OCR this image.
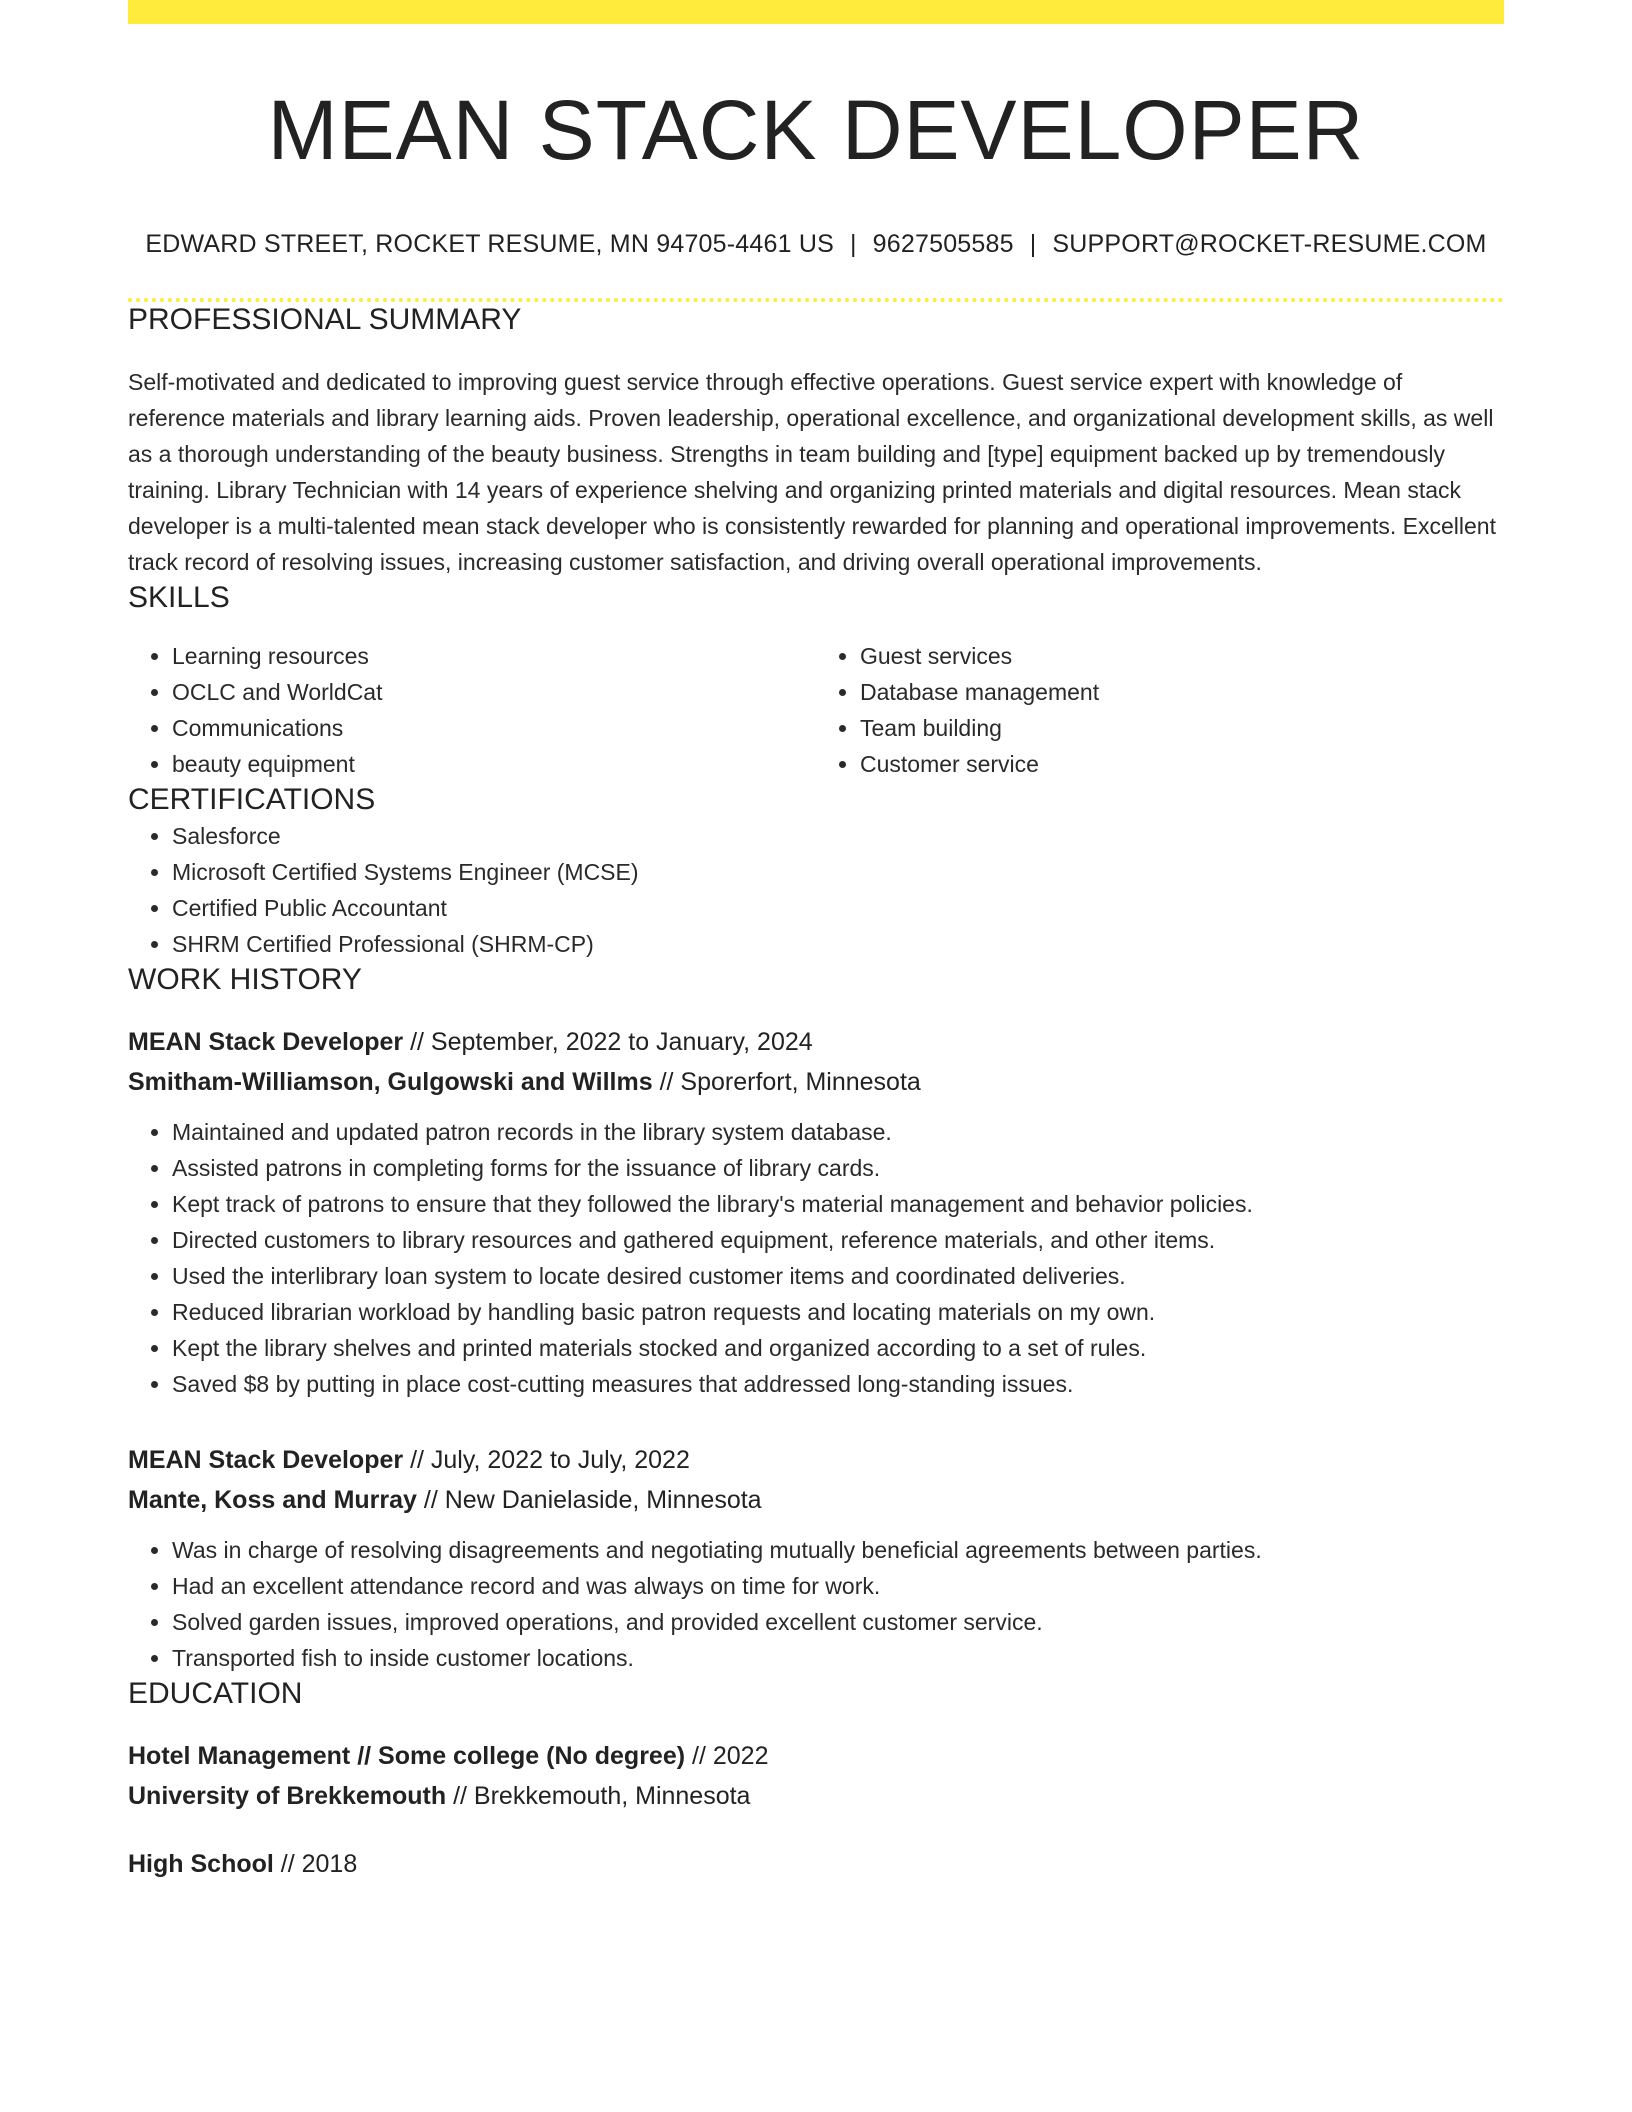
MEAN STACK DEVELOPER
EDWARD STREET, ROCKET RESUME, MN 94705-4461 US | 9627505585 | SUPPORT@ROCKET-RESUME.COM
PROFESSIONAL SUMMARY

Self-motivated and dedicated to improving guest service through effective operations. Guest service expert with knowledge of reference materials and library learning aids. Proven leadership, operational excellence, and organizational development skills, as well as a thorough understanding of the beauty business. Strengths in team building and [type] equipment backed up by tremendously training. Library Technician with 14 years of experience shelving and organizing printed materials and digital resources. Mean stack developer is a multi-talented mean stack developer who is consistently rewarded for planning and operational improvements. Excellent track record of resolving issues, increasing customer satisfaction, and driving overall operational improvements.

SKILLS
• Learning resources
• OCLC and WorldCat
• Communications
• beauty equipment
• Guest services
• Database management
• Team building
• Customer service
CERTIFICATIONS
• Salesforce
• Microsoft Certified Systems Engineer (MCSE)
• Certified Public Accountant
• SHRM Certified Professional (SHRM-CP)
WORK HISTORY
MEAN Stack Developer // September, 2022 to January, 2024
Smitham-Williamson, Gulgowski and Willms // Sporerfort, Minnesota
• Maintained and updated patron records in the library system database.
• Assisted patrons in completing forms for the issuance of library cards.
• Kept track of patrons to ensure that they followed the library's material management and behavior policies.
• Directed customers to library resources and gathered equipment, reference materials, and other items.
• Used the interlibrary loan system to locate desired customer items and coordinated deliveries.
• Reduced librarian workload by handling basic patron requests and locating materials on my own.
• Kept the library shelves and printed materials stocked and organized according to a set of rules.
• Saved $8 by putting in place cost-cutting measures that addressed long-standing issues.
MEAN Stack Developer // July, 2022 to July, 2022
Mante, Koss and Murray // New Danielaside, Minnesota
• Was in charge of resolving disagreements and negotiating mutually beneficial agreements between parties.
• Had an excellent attendance record and was always on time for work.
• Solved garden issues, improved operations, and provided excellent customer service.
• Transported fish to inside customer locations.
EDUCATION
Hotel Management // Some college (No degree) // 2022
University of Brekkemouth // Brekkemouth, Minnesota
High School // 2018
